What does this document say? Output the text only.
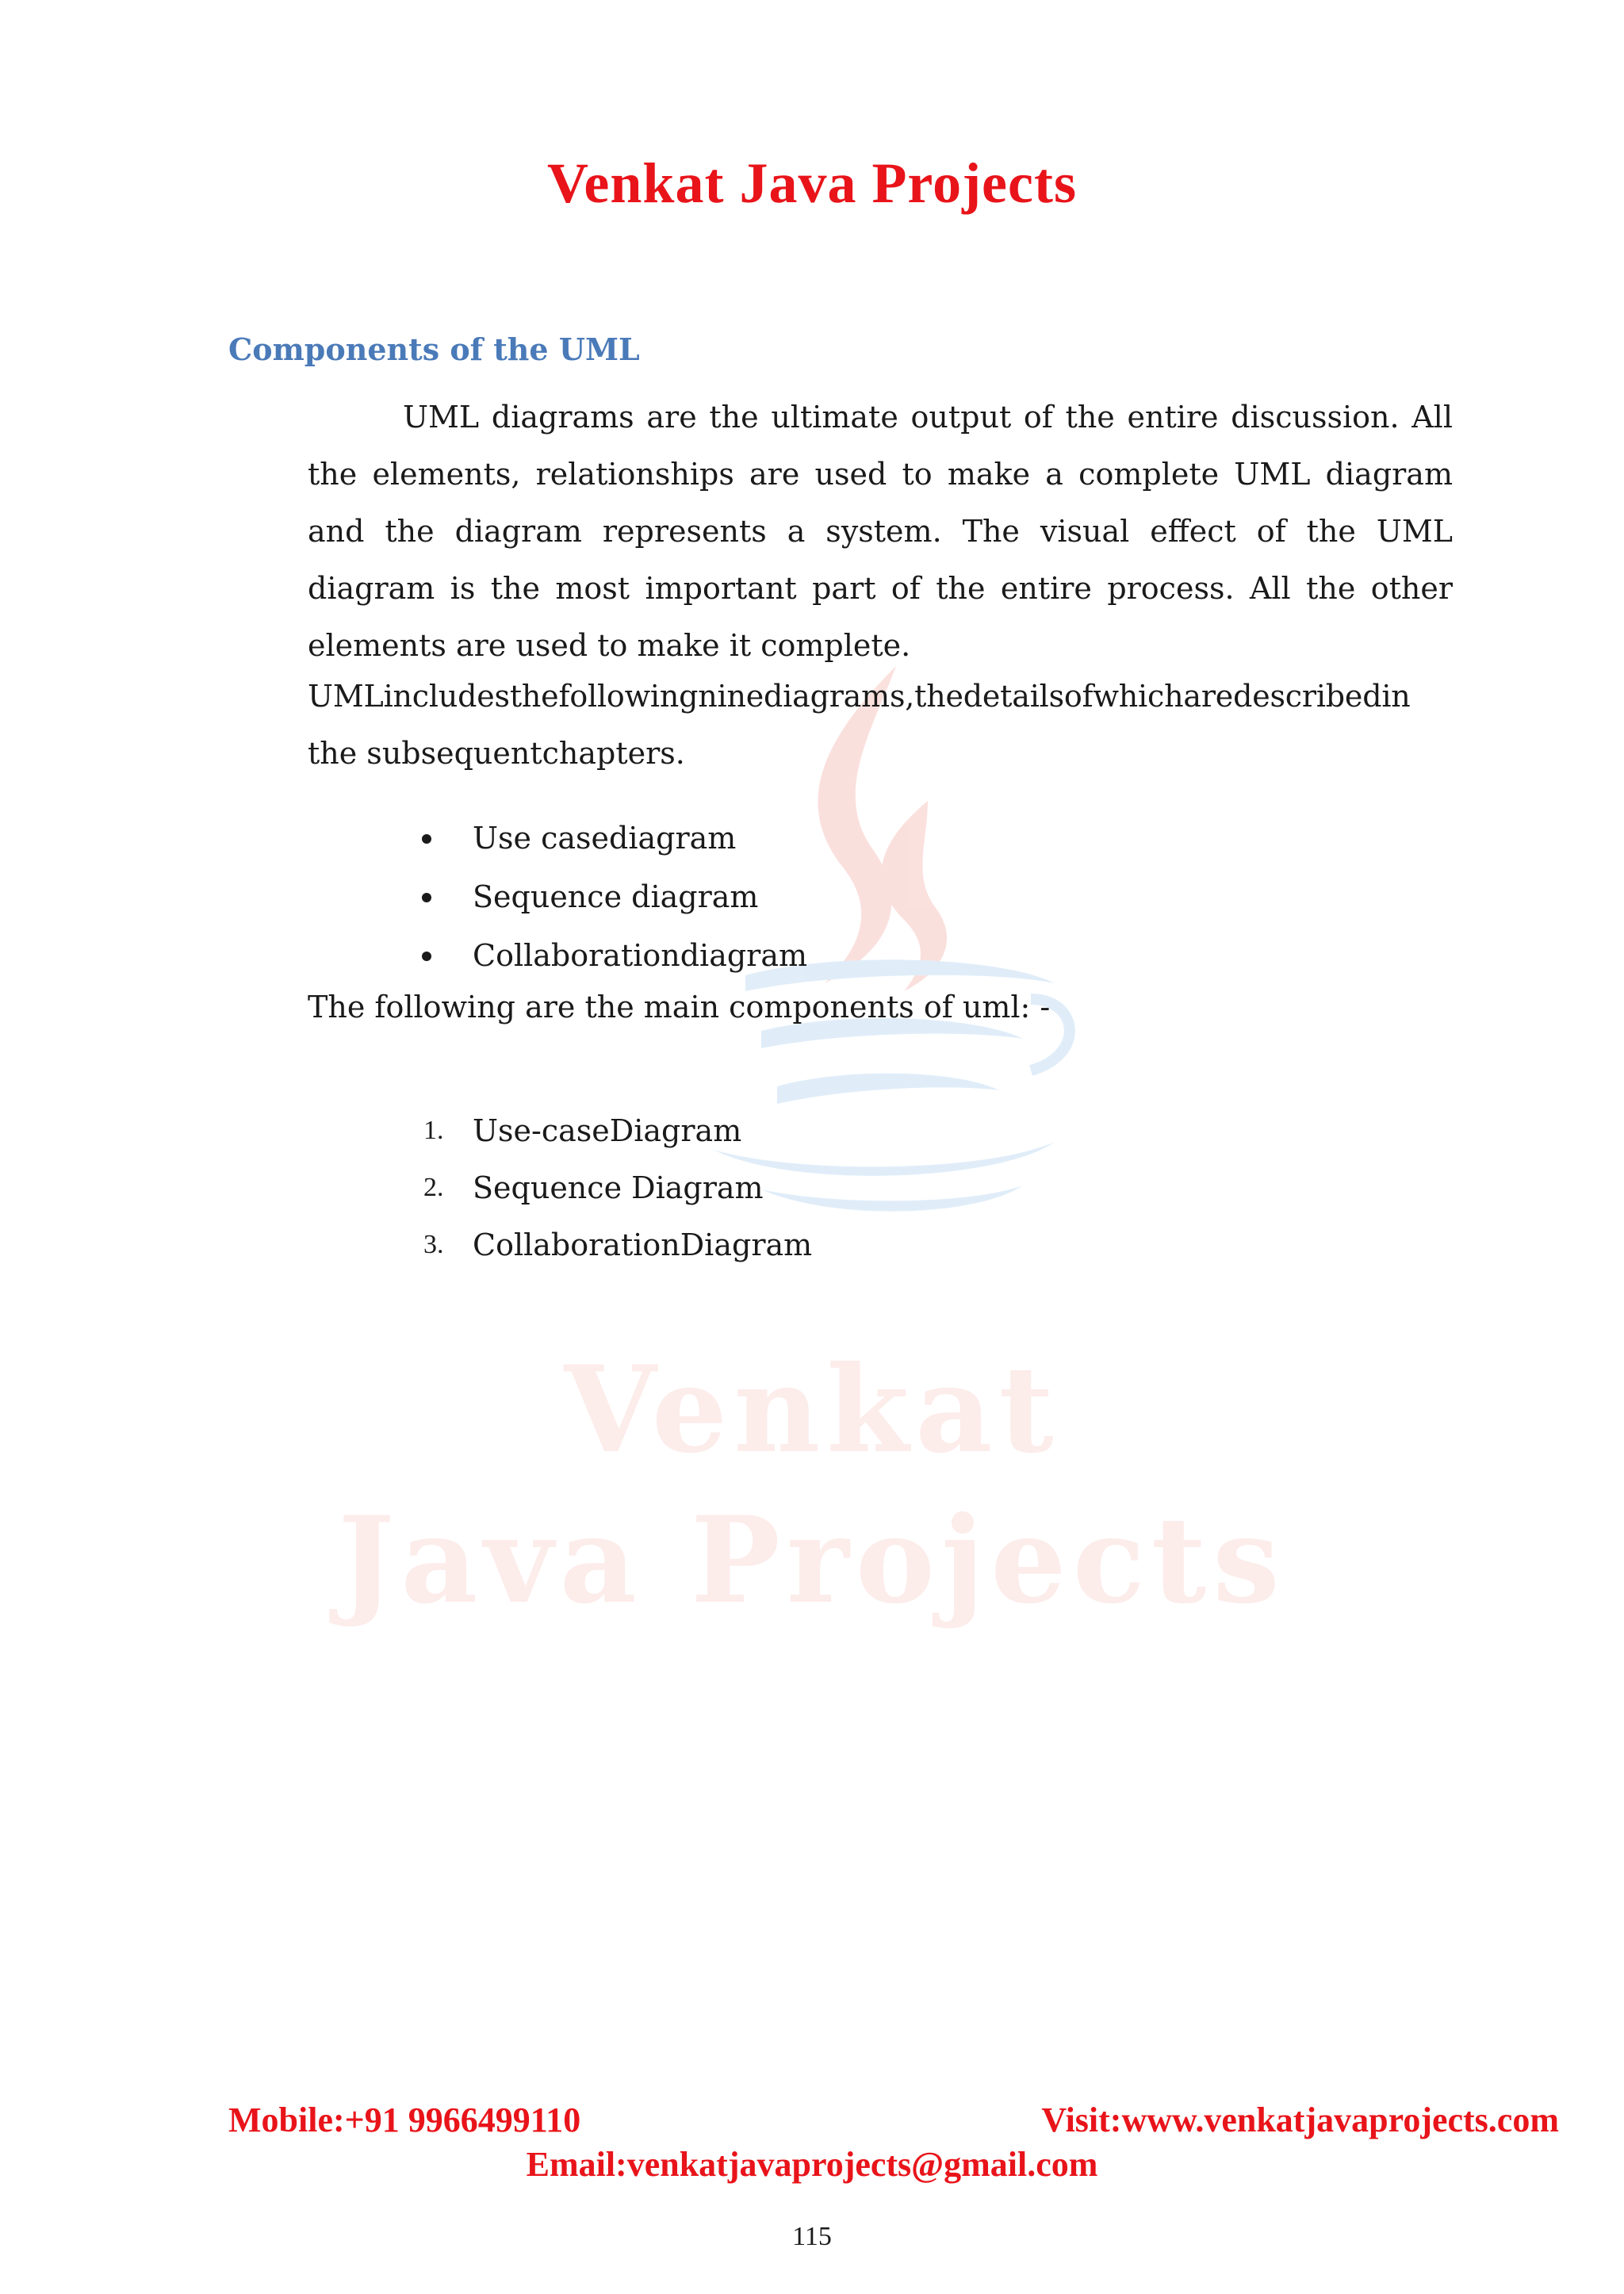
Venkat
Java Projects
Venkat Java Projects
Components of the UML

UML diagrams are the ultimate output of the entire discussion. All the elements, relationships are used to make a complete UML diagram and the diagram represents a system. The visual effect of the UML diagram is the most important part of the entire process. All the other elements are used to make it complete.

UMLincludesthefollowingninediagrams,thedetailsofwhicharedescribedin
the subsequentchapters.
Use casediagram
Sequence diagram
Collaborationdiagram
The following are the main components of uml: -
1. Use-caseDiagram
2. Sequence Diagram
3. CollaborationDiagram
Mobile:+91 9966499110	Visit:www.venkatjavaprojects.com
Email:venkatjavaprojects@gmail.com
115
